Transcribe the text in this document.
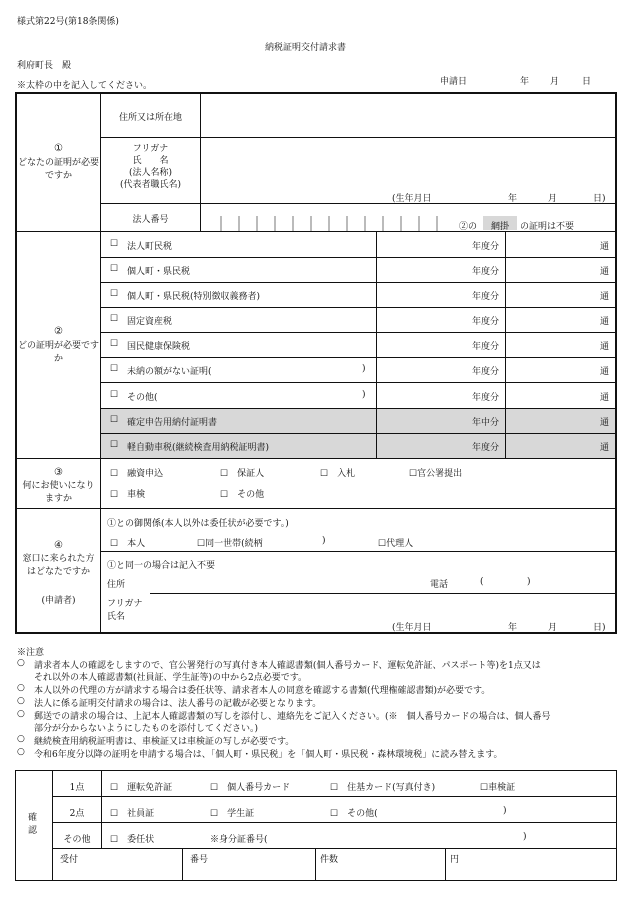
様式第22号(第18条関係)
納税証明交付請求書
利府町長　殿
※太枠の中を記入してください。	申請日	年 月	日
①
どなたの証明が必要ですか
住所又は所在地
フリガナ
氏　　名
(法人名称)
(代表者職氏名)
(生年月日	年	月	日)
法人番号
②の	網掛	の証明は不要
②
どの証明が必要ですか
☐ 法人町民税	年度分	通
☐ 個人町・県民税	年度分	通
☐ 個人町・県民税(特別徴収義務者)	年度分	通
☐ 固定資産税	年度分	通
☐ 国民健康保険税	年度分	通
☐ 未納の額がない証明(	)	年度分	通
☐ その他(	)	年度分	通
☐ 確定申告用納付証明書	年中分	通
☐ 軽自動車税(継続検査用納税証明書)	年度分	通
③
何にお使いになりますか
☐　融資申込	☐　保証人	☐　入札	☐官公署提出
☐　車検	☐　その他
④
窓口に来られた方はどなたですか
(申請者)
①との御関係(本人以外は委任状が必要です。)
☐　本人	☐同一世帯(続柄	)	☐代理人
①と同一の場合は記入不要
住所	電話	(	)
フリガナ
氏名
(生年月日	年	月	日)
※注意
○ 請求者本人の確認をしますので、官公署発行の写真付き本人確認書類(個人番号カード、運転免許証、パスポート等)を1点又は
それ以外の本人確認書類(社員証、学生証等)の中から2点必要です。
○ 本人以外の代理の方が請求する場合は委任状等、請求者本人の同意を確認する書類(代理権確認書類)が必要です。
○ 法人に係る証明交付請求の場合は、法人番号の記載が必要となります。
○ 郵送での請求の場合は、上記本人確認書類の写しを添付し、連絡先をご記入ください。(※　個人番号カードの場合は、個人番号
部分が分からないようにしたものを添付してください。)
○ 継続検査用納税証明書は、車検証又は車検証の写しが必要です。
○ 令和6年度分以降の証明を申請する場合は、「個人町・県民税」を「個人町・県民税・森林環境税」に読み替えます。
確認
1点	☐　運転免許証	☐　個人番号カード	☐　住基カード(写真付き)	☐車検証
2点	☐　社員証	☐　学生証	☐　その他(	)
その他	☐　委任状	※身分証番号(	)
受付	番号	件数	円
